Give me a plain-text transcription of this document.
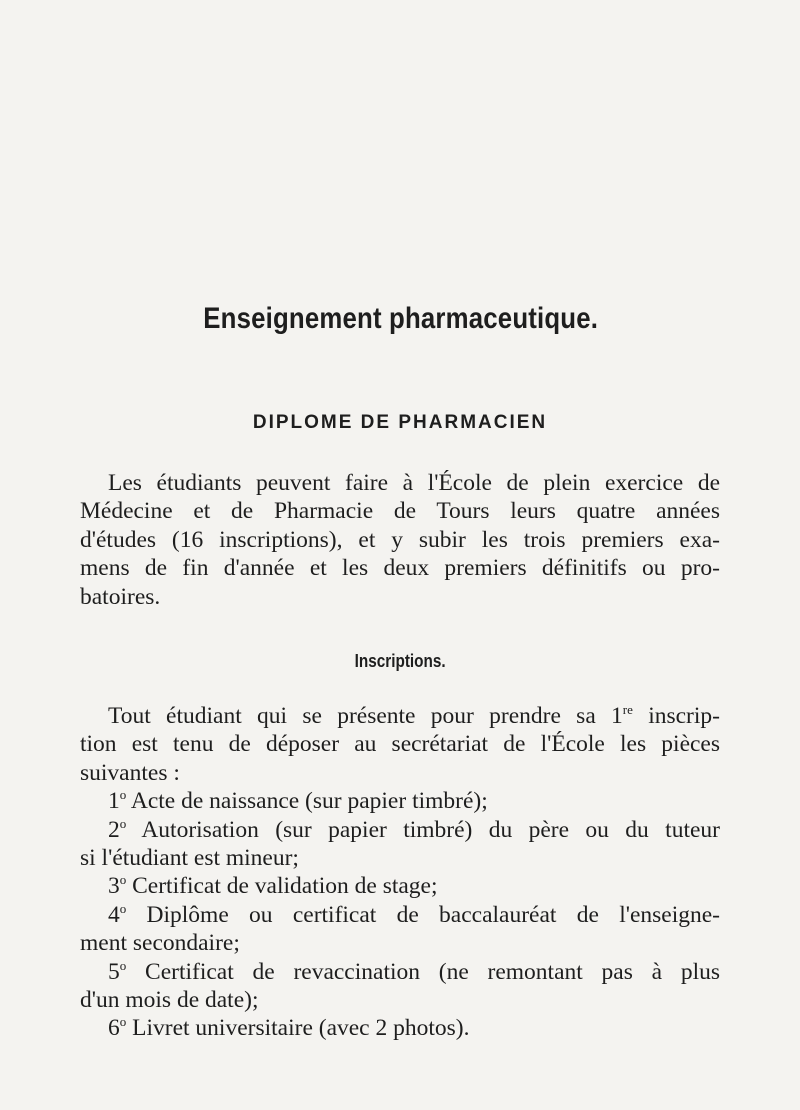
Enseignement pharmaceutique.
DIPLOME DE PHARMACIEN
Les étudiants peuvent faire à l'École de plein exercice de
Médecine et de Pharmacie de Tours leurs quatre années
d'études (16 inscriptions), et y subir les trois premiers exa-
mens de fin d'année et les deux premiers définitifs ou pro-
batoires.
Inscriptions.
Tout étudiant qui se présente pour prendre sa 1re inscrip-
tion est tenu de déposer au secrétariat de l'École les pièces
suivantes :
1$^o$ Acte de naissance (sur papier timbré);
2$^o$ Autorisation (sur papier timbré) du père ou du tuteur
si l'étudiant est mineur;
3$^o$ Certificat de validation de stage;
4$^o$ Diplôme ou certificat de baccalauréat de l'enseigne-
ment secondaire;
5$^o$ Certificat de revaccination (ne remontant pas à plus
d'un mois de date);
6$^o$ Livret universitaire (avec 2 photos).
